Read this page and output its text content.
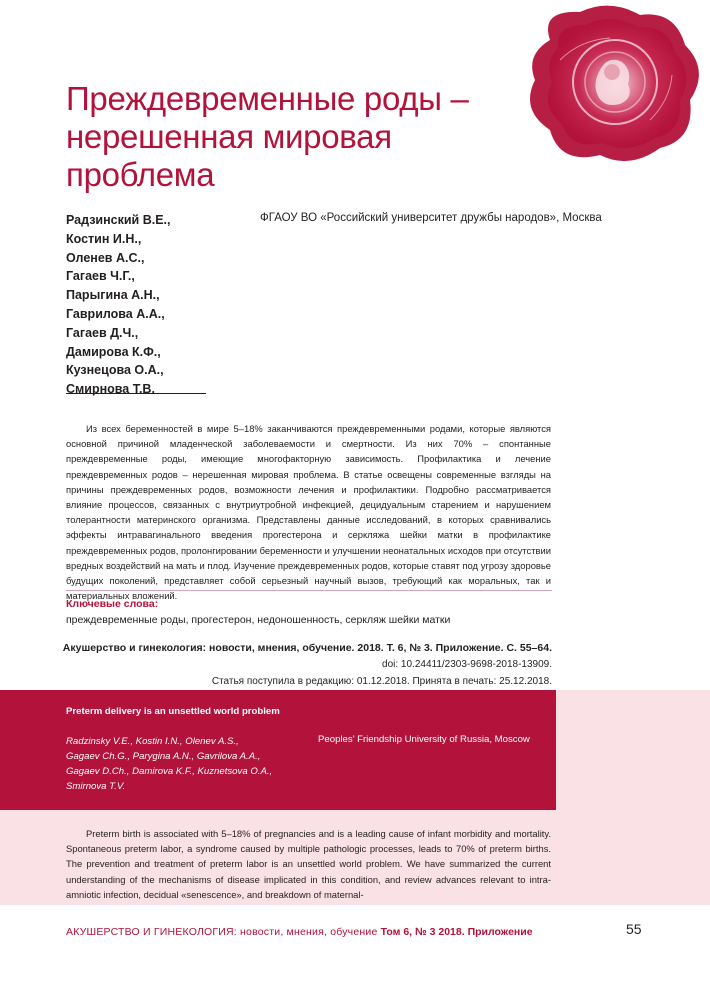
Преждевременные роды –
нерешенная мировая
проблема
Радзинский В.Е.,
Костин И.Н.,
Оленев А.С.,
Гагаев Ч.Г.,
Парыгина А.Н.,
Гаврилова А.А.,
Гагаев Д.Ч.,
Дамирова К.Ф.,
Кузнецова О.А.,
Смирнова Т.В.
ФГАОУ ВО «Российский университет дружбы народов», Москва
Из всех беременностей в мире 5–18% заканчиваются преждевременными родами, которые являются основной причиной младенческой заболеваемости и смертности. Из них 70% – спонтанные преждевременные роды, имеющие многофакторную зависимость. Профилактика и лечение преждевременных родов – нерешенная мировая проблема. В статье освещены современные взгляды на причины преждевременных родов, возможности лечения и профилактики. Подробно рассматривается влияние процессов, связанных с внутриутробной инфекцией, децидуальным старением и нарушением толерантности материнского организма. Представлены данные исследований, в которых сравнивались эффекты интравагинального введения прогестерона и серкляжа шейки матки в профилактике преждевременных родов, пролонгировании беременности и улучшении неонатальных исходов при отсутствии вредных воздействий на мать и плод. Изучение преждевременных родов, которые ставят под угрозу здоровье будущих поколений, представляет собой серьезный научный вызов, требующий как моральных, так и материальных вложений.
Ключевые слова:
преждевременные роды, прогестерон, недоношенность, серкляж шейки матки
Акушерство и гинекология: новости, мнения, обучение. 2018. Т. 6, № 3. Приложение. С. 55–64.
doi: 10.24411/2303-9698-2018-13909.
Статья поступила в редакцию: 01.12.2018. Принята в печать: 25.12.2018.
Preterm delivery is an unsettled world problem
Radzinsky V.E., Kostin I.N., Olenev A.S.,
Gagaev Ch.G., Parygina A.N., Gavrilova A.A.,
Gagaev D.Ch., Damirova K.F., Kuznetsova O.A.,
Smirnova T.V.
Peoples’ Friendship University of Russia, Moscow
Preterm birth is associated with 5–18% of pregnancies and is a leading cause of infant morbidity and mortality. Spontaneous preterm labor, a syndrome caused by multiple pathologic processes, leads to 70% of preterm births. The prevention and treatment of preterm labor is an unsettled world problem. We have summarized the current understanding of the mechanisms of disease implicated in this condition, and review advances relevant to intra-amniotic infection, decidual «senescence», and breakdown of maternal-
АКУШЕРСТВО И ГИНЕКОЛОГИЯ: новости, мнения, обучение Том 6, № 3 2018. Приложение	55
